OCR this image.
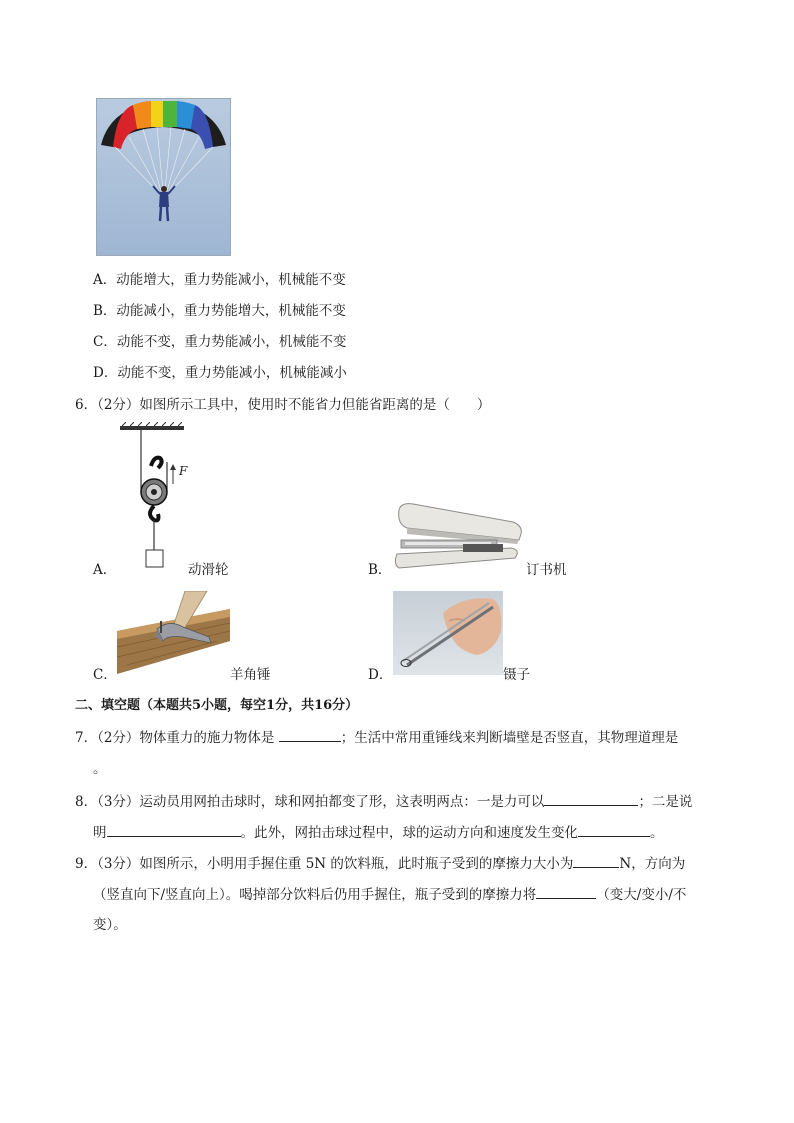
A．动能增大，重力势能减小，机械能不变
B．动能减小，重力势能增大，机械能不变
C．动能不变，重力势能减小，机械能不变
D．动能不变，重力势能减小，机械能减小
6．（2分）如图所示工具中，使用时不能省力但能省距离的是（　　）
F
A．	动滑轮	B．	订书机
C．	羊角锤	D．	镊子
二、填空题（本题共5小题，每空1分，共16分）
7．（2分）物体重力的施力物体是	；生活中常用重锤线来判断墙壁是否竖直，其物理道理是
。
8．（3分）运动员用网拍击球时，球和网拍都变了形，这表明两点：一是力可以	；二是说
明	。此外，网拍击球过程中，球的运动方向和速度发生变化	。
9．（3分）如图所示，小明用手握住重 5N 的饮料瓶，此时瓶子受到的摩擦力大小为	N，方向为
（竖直向下/竖直向上）。喝掉部分饮料后仍用手握住，瓶子受到的摩擦力将	（变大/变小/不
变）。
